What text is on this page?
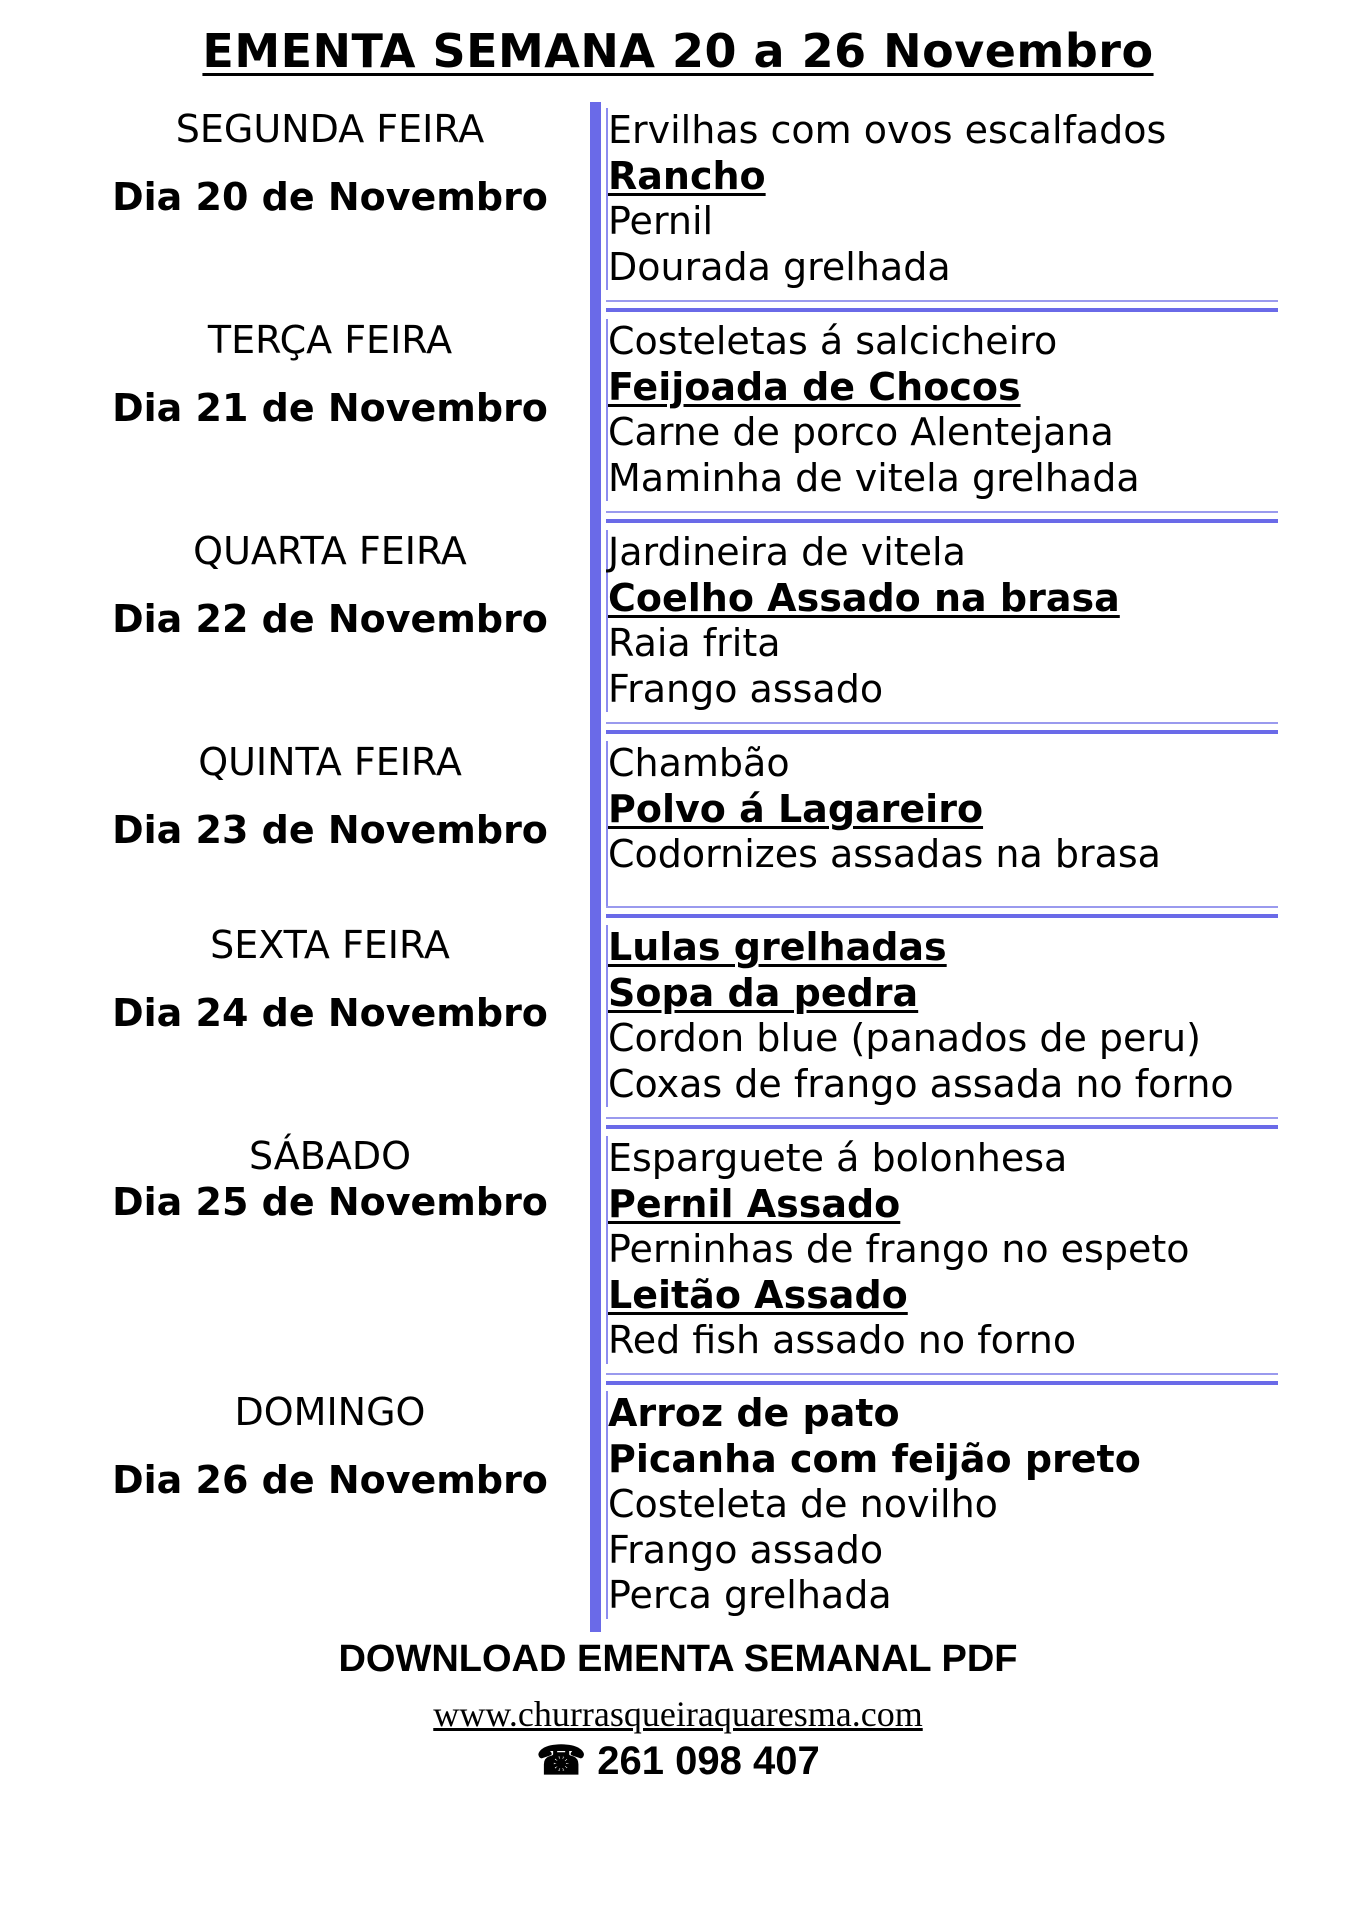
EMENTA SEMANA 20 a 26 Novembro
SEGUNDA FEIRA
Dia 20 de Novembro
TERÇA FEIRA
Dia 21 de Novembro
QUARTA FEIRA
Dia 22 de Novembro
QUINTA FEIRA
Dia 23 de Novembro
SEXTA FEIRA
Dia 24 de Novembro
SÁBADO
Dia 25 de Novembro
DOMINGO
Dia 26 de Novembro
Ervilhas com ovos escalfados
Rancho
Pernil
Dourada grelhada
Costeletas á salcicheiro
Feijoada de Chocos
Carne de porco Alentejana
Maminha de vitela grelhada
Jardineira de vitela
Coelho Assado na brasa
Raia frita
Frango assado
Chambão
Polvo á Lagareiro
Codornizes assadas na brasa
Lulas grelhadas
Sopa da pedra
Cordon blue (panados de peru)
Coxas de frango assada no forno
Esparguete á bolonhesa
Pernil Assado
Perninhas de frango no espeto
Leitão Assado
Red fish assado no forno
Arroz de pato
Picanha com feijão preto
Costeleta de novilho
Frango assado
Perca grelhada
DOWNLOAD EMENTA SEMANAL PDF
www.churrasqueiraquaresma.com
☎ 261 098 407
